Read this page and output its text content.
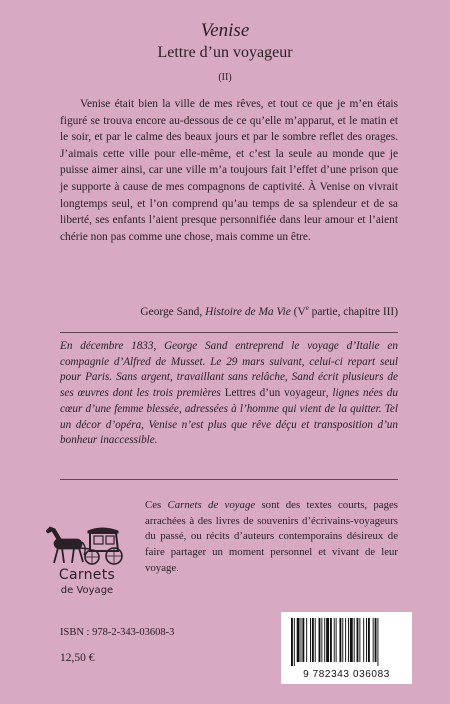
Venise
Lettre d’un voyageur
(II)

Venise était bien la ville de mes rêves, et tout ce que je m’en étais figuré se trouva encore au-dessous de ce qu’elle m’apparut, et le matin et le soir, et par le calme des beaux jours et par le sombre reflet des orages. J’aimais cette ville pour elle-même, et c’est la seule au monde que je puisse aimer ainsi, car une ville m’a toujours fait l’effet d’une prison que je supporte à cause de mes compagnons de captivité. À Venise on vivrait longtemps seul, et l’on comprend qu’au temps de sa splendeur et de sa liberté, ses enfants l’aient presque personnifiée dans leur amour et l’aient chérie non pas comme une chose, mais comme un être.

George Sand, Histoire de Ma Vie (Ve partie, chapitre III)

En décembre 1833, George Sand entreprend le voyage d’Italie en compagnie d’Alfred de Musset. Le 29 mars suivant, celui-ci repart seul pour Paris. Sans argent, travaillant sans relâche, Sand écrit plusieurs de ses œuvres dont les trois premières Lettres d’un voyageur, lignes nées du cœur d’une femme blessée, adressées à l’homme qui vient de la quitter. Tel un décor d’opéra, Venise n’est plus que rêve déçu et transposition d’un bonheur inaccessible.

Carnets
de Voyage

Ces Carnets de voyage sont des textes courts, pages arrachées à des livres de souvenirs d’écrivains-voyageurs du passé, ou récits d’auteurs contemporains désireux de faire partager un moment personnel et vivant de leur voyage.

ISBN : 978-2-343-03608-3
12,50 €
9 782343 036083
